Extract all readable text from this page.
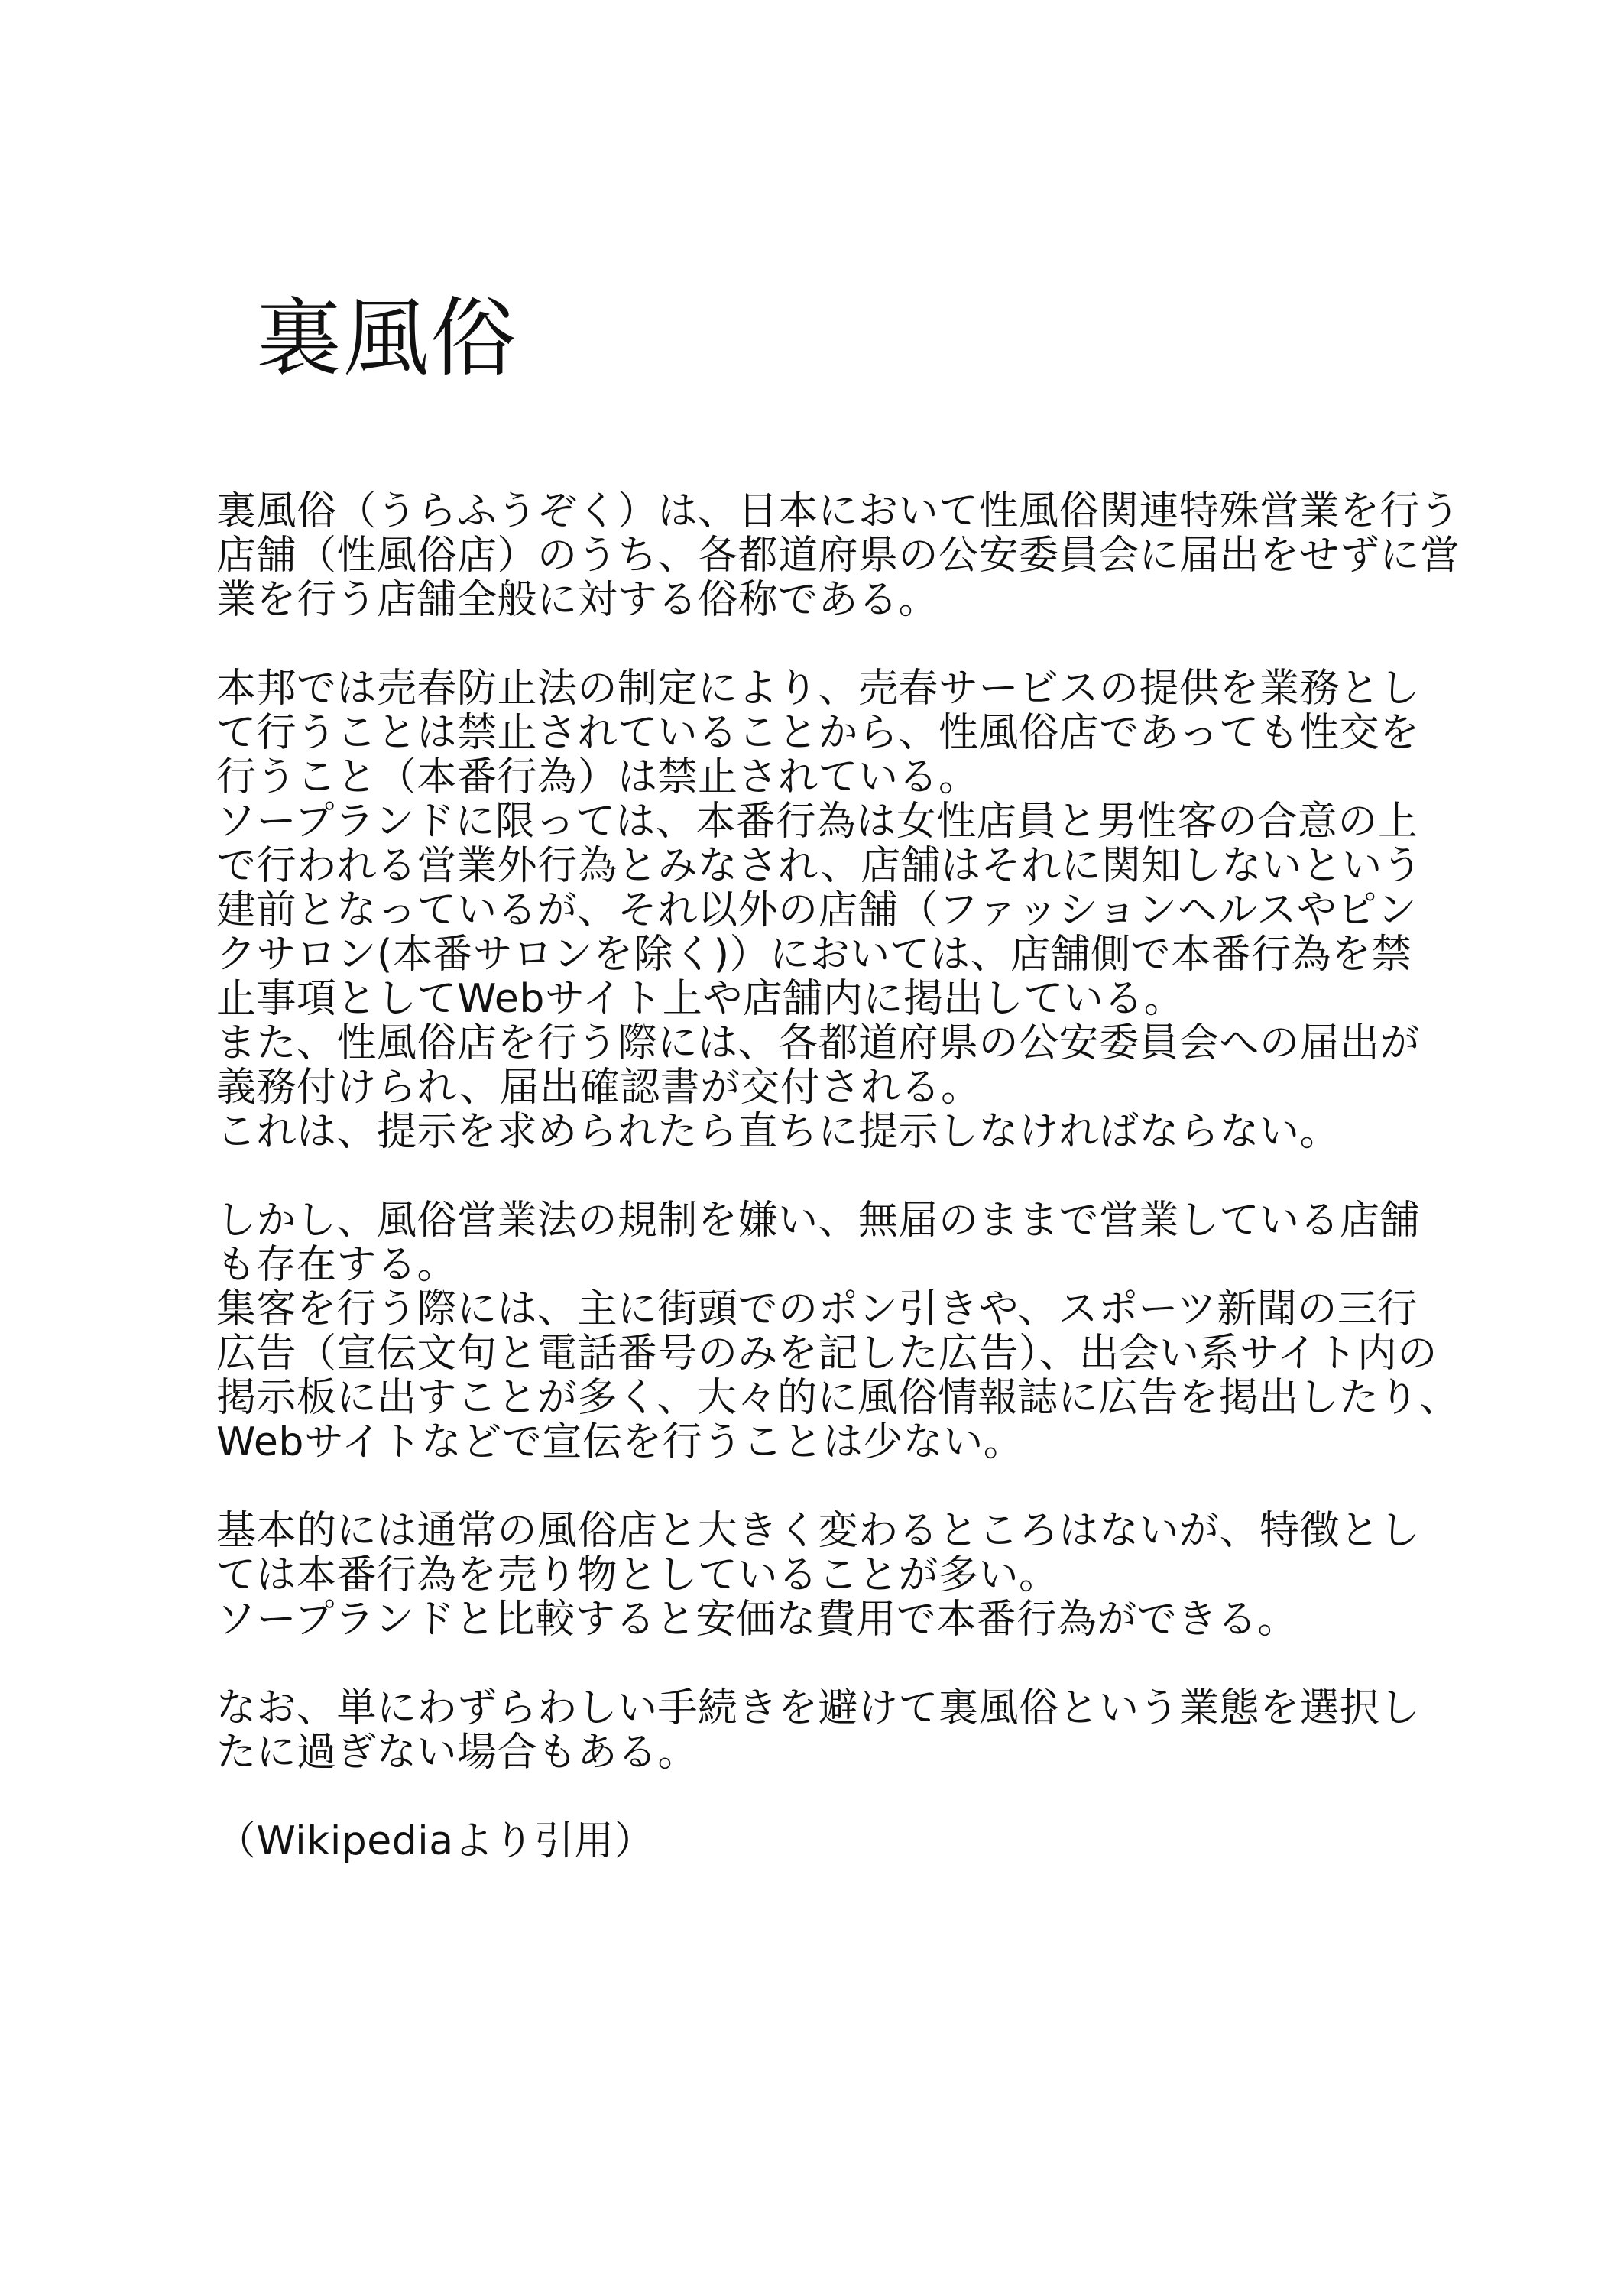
裏風俗

裏風俗（うらふうぞく）は、日本において性風俗関連特殊営業を行う
店舗（性風俗店）のうち、各都道府県の公安委員会に届出をせずに営
業を行う店舗全般に対する俗称である。

本邦では売春防止法の制定により、売春サービスの提供を業務とし
て行うことは禁止されていることから、性風俗店であっても性交を
行うこと（本番行為）は禁止されている。
ソープランドに限っては、本番行為は女性店員と男性客の合意の上
で行われる営業外行為とみなされ、店舗はそれに関知しないという
建前となっているが、それ以外の店舗（ファッションヘルスやピン
クサロン(本番サロンを除く)）においては、店舗側で本番行為を禁
止事項としてWebサイト上や店舗内に掲出している。
また、性風俗店を行う際には、各都道府県の公安委員会への届出が
義務付けられ、届出確認書が交付される。
これは、提示を求められたら直ちに提示しなければならない。

しかし、風俗営業法の規制を嫌い、無届のままで営業している店舗
も存在する。
集客を行う際には、主に街頭でのポン引きや、スポーツ新聞の三行
広告（宣伝文句と電話番号のみを記した広告）、出会い系サイト内の
掲示板に出すことが多く、大々的に風俗情報誌に広告を掲出したり、
Webサイトなどで宣伝を行うことは少ない。

基本的には通常の風俗店と大きく変わるところはないが、特徴とし
ては本番行為を売り物としていることが多い。
ソープランドと比較すると安価な費用で本番行為ができる。

なお、単にわずらわしい手続きを避けて裏風俗という業態を選択し
たに過ぎない場合もある。

（Wikipediaより引用）
